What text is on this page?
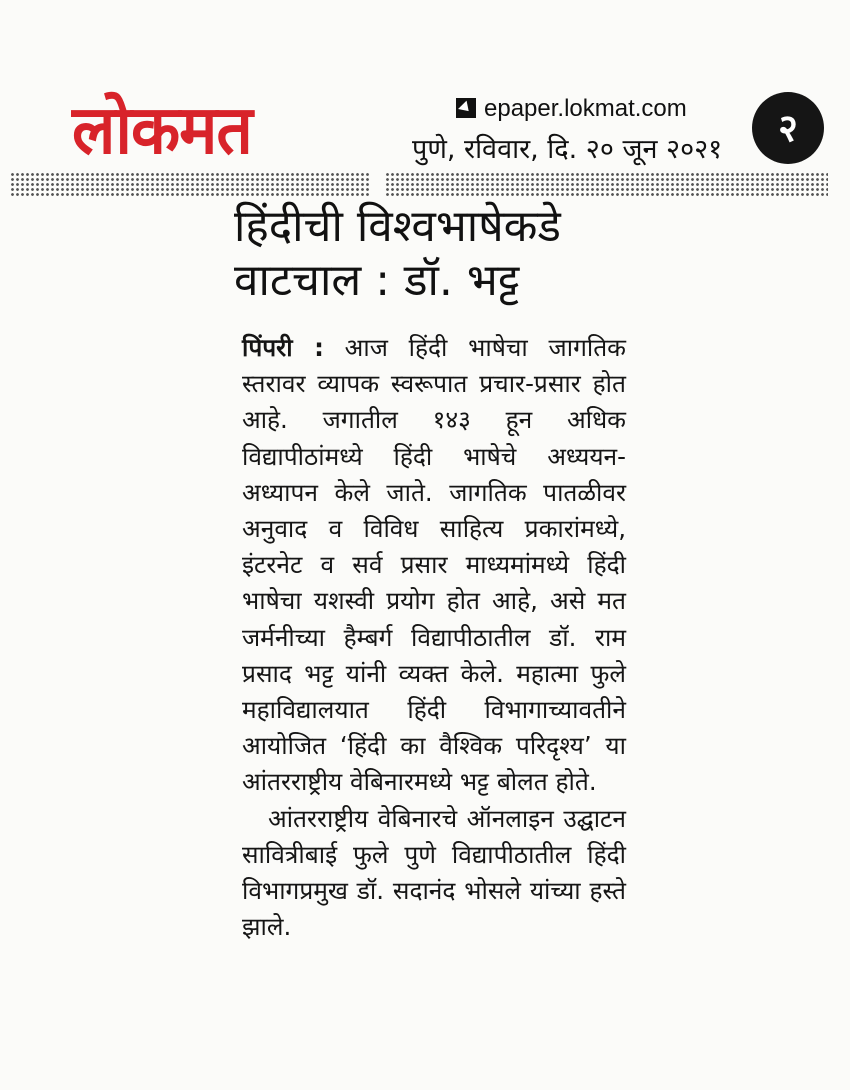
लोकमत	epaper.lokmat.com
पुणे, रविवार, दि. २० जून २०२१	२
हिंदीची विश्वभाषेकडे
वाटचाल : डॉ. भट्ट

पिंपरी : आज हिंदी भाषेचा जागतिक स्तरावर व्यापक स्वरूपात प्रचार-प्रसार होत आहे. जगातील १४३ हून अधिक विद्यापीठांमध्ये हिंदी भाषेचे अध्ययन-अध्यापन केले जाते. जागतिक पातळीवर अनुवाद व विविध साहित्य प्रकारांमध्ये, इंटरनेट व सर्व प्रसार माध्यमांमध्ये हिंदी भाषेचा यशस्वी प्रयोग होत आहे, असे मत जर्मनीच्या हैम्बर्ग विद्यापीठातील डॉ. राम प्रसाद भट्ट यांनी व्यक्त केले. महात्मा फुले महाविद्यालयात हिंदी विभागाच्यावतीने आयोजित ‘हिंदी का वैश्विक परिदृश्य’ या आंतरराष्ट्रीय वेबिनारमध्ये भट्ट बोलत होते.

आंतरराष्ट्रीय वेबिनारचे ऑनलाइन उद्घाटन सावित्रीबाई फुले पुणे विद्यापीठातील हिंदी विभागप्रमुख डॉ. सदानंद भोसले यांच्या हस्ते झाले.
